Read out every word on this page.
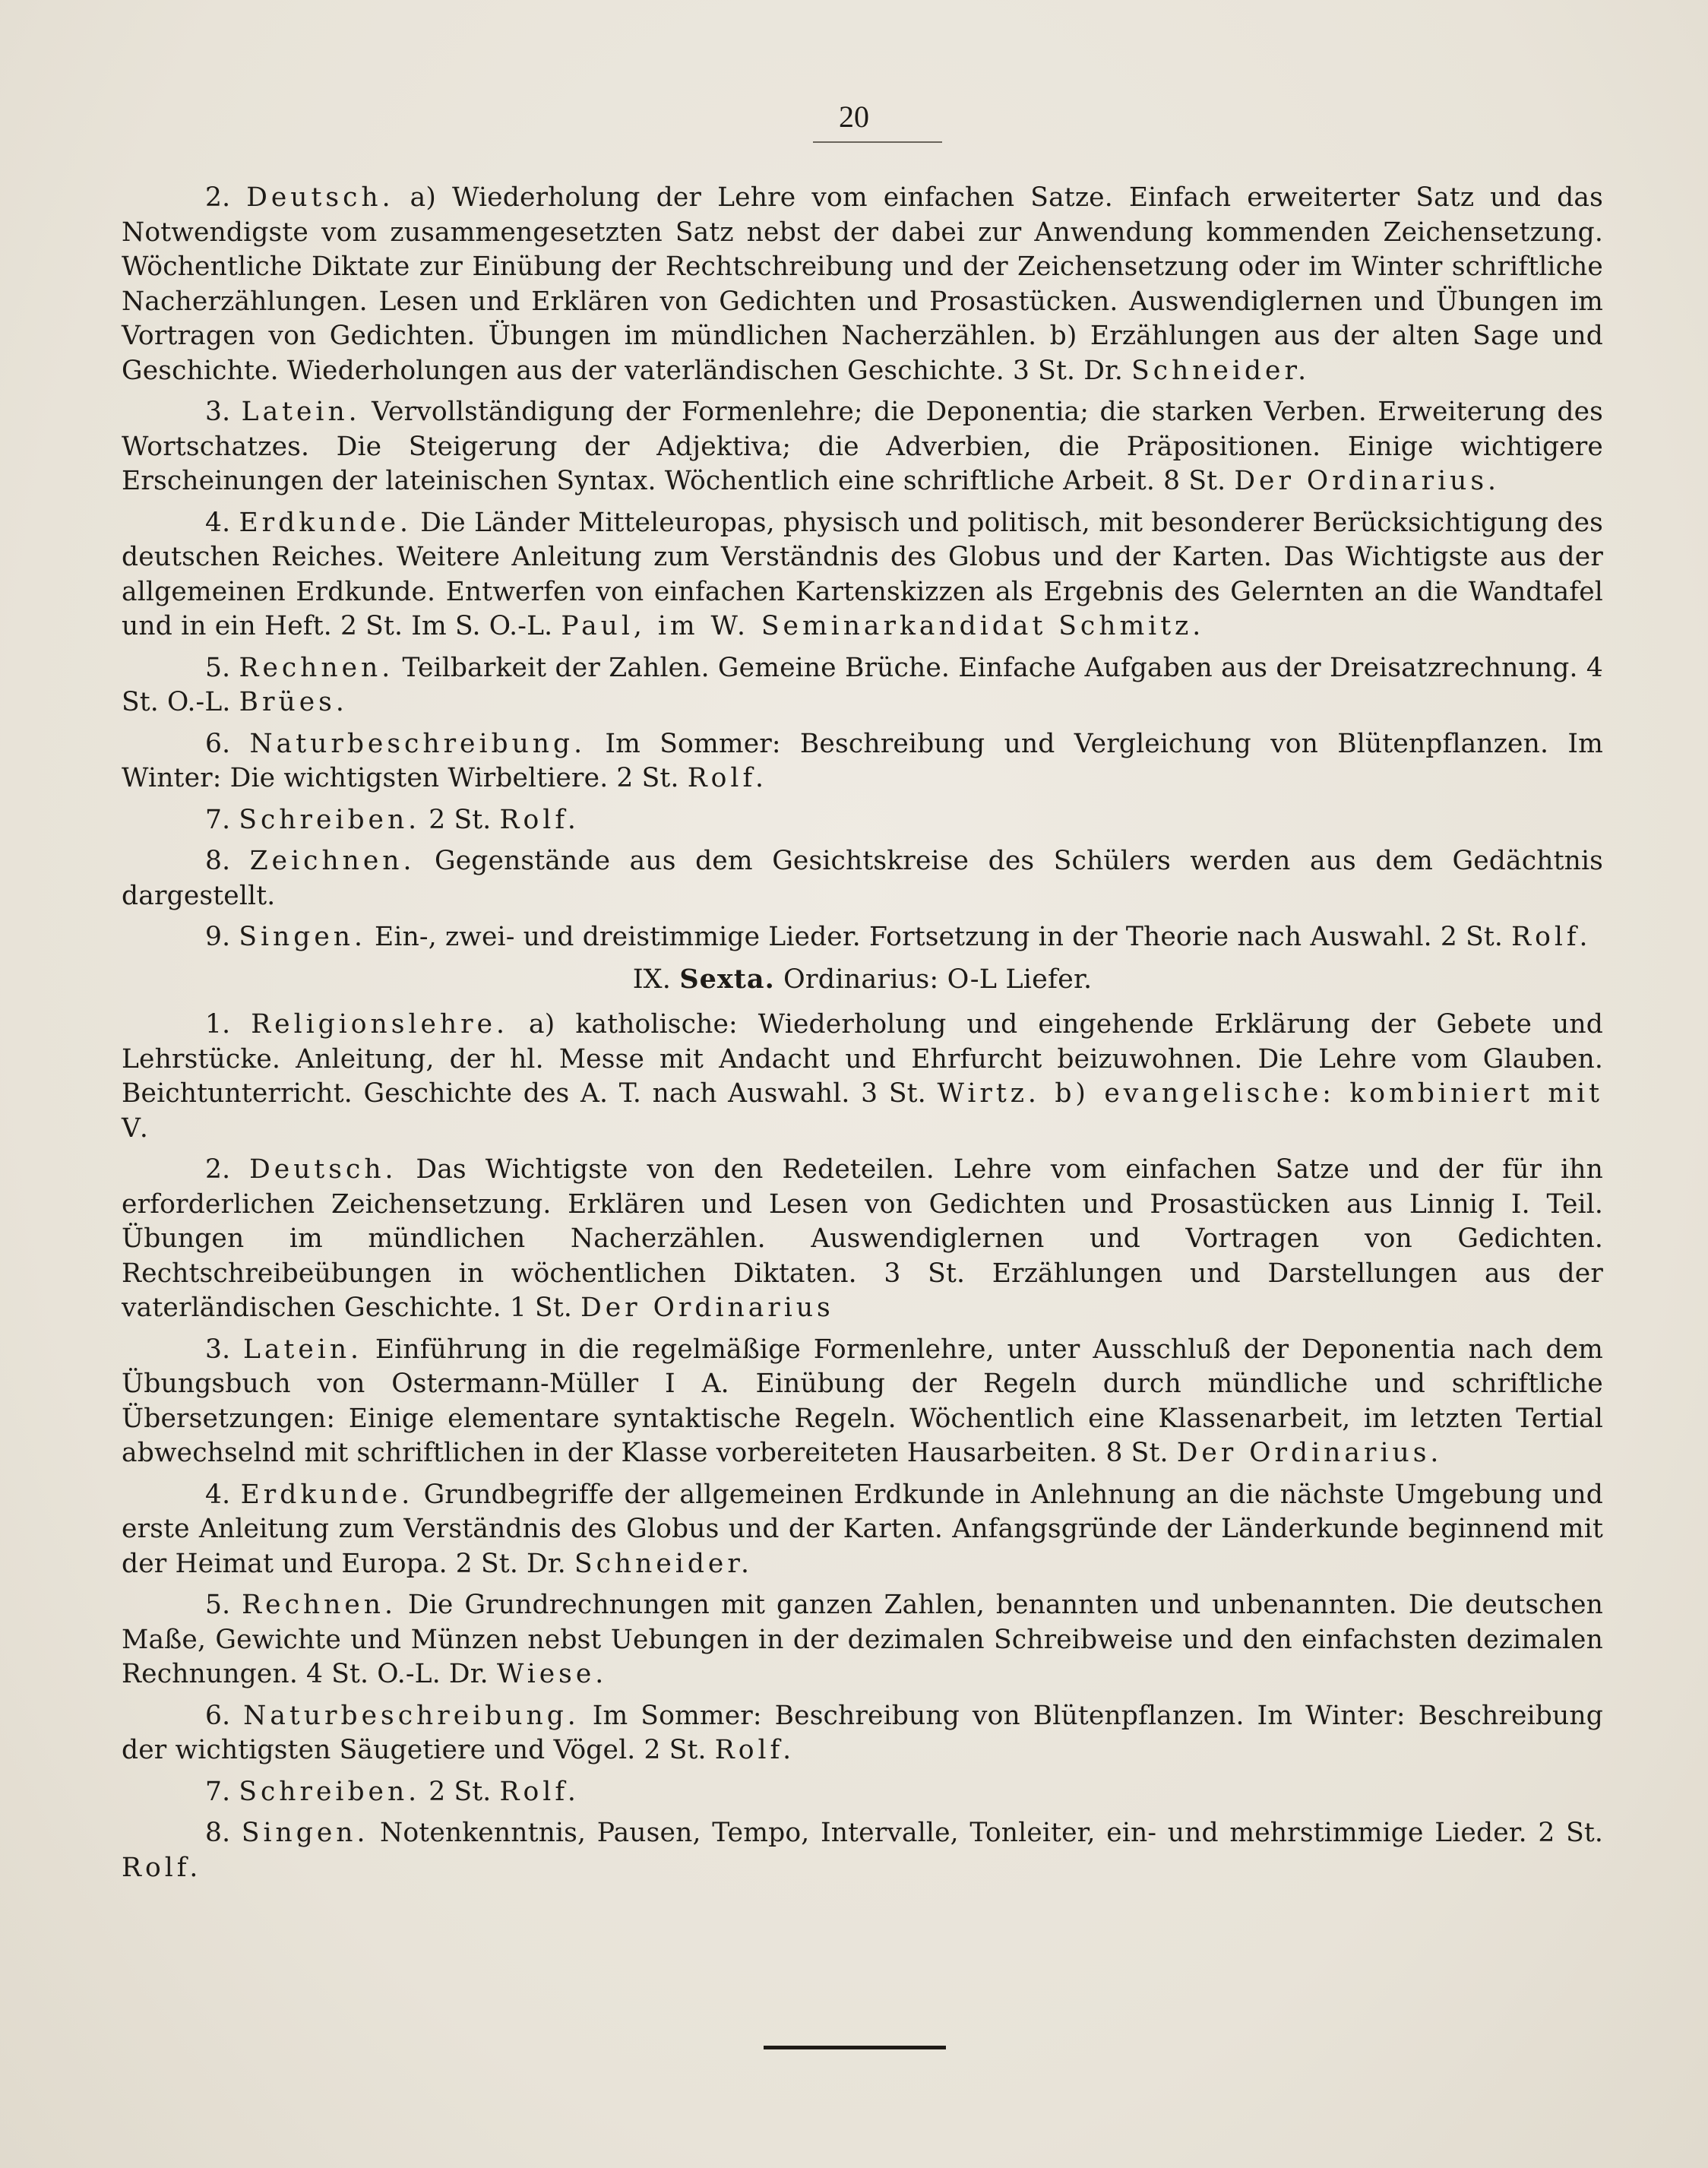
20

2. Deutsch. a) Wiederholung der Lehre vom einfachen Satze. Einfach erweiterter Satz und das Notwendigste vom zusammengesetzten Satz nebst der dabei zur Anwendung kommenden Zeichensetzung. Wöchentliche Diktate zur Einübung der Rechtschreibung und der Zeichensetzung oder im Winter schriftliche Nacherzählungen. Lesen und Erklären von Gedichten und Prosastücken. Auswendiglernen und Übungen im Vortragen von Gedichten. Übungen im mündlichen Nacherzählen. b) Erzählungen aus der alten Sage und Geschichte. Wiederholungen aus der vaterländischen Geschichte. 3 St. Dr. Schneider.

3. Latein. Vervollständigung der Formenlehre; die Deponentia; die starken Verben. Erweiterung des Wortschatzes. Die Steigerung der Adjektiva; die Adverbien, die Präpositionen. Einige wichtigere Erscheinungen der lateinischen Syntax. Wöchentlich eine schriftliche Arbeit. 8 St. Der Ordinarius.

4. Erdkunde. Die Länder Mitteleuropas, physisch und politisch, mit besonderer Berücksichtigung des deutschen Reiches. Weitere Anleitung zum Verständnis des Globus und der Karten. Das Wichtigste aus der allgemeinen Erdkunde. Entwerfen von einfachen Kartenskizzen als Ergebnis des Gelernten an die Wandtafel und in ein Heft. 2 St. Im S. O.-L. Paul, im W. Seminarkandidat Schmitz.

5. Rechnen. Teilbarkeit der Zahlen. Gemeine Brüche. Einfache Aufgaben aus der Dreisatzrechnung. 4 St. O.-L. Brües.

6. Naturbeschreibung. Im Sommer: Beschreibung und Vergleichung von Blütenpflanzen. Im Winter: Die wichtigsten Wirbeltiere. 2 St. Rolf.

7. Schreiben. 2 St. Rolf.

8. Zeichnen. Gegenstände aus dem Gesichtskreise des Schülers werden aus dem Gedächtnis dargestellt.

9. Singen. Ein-, zwei- und dreistimmige Lieder. Fortsetzung in der Theorie nach Auswahl. 2 St. Rolf.

IX. Sexta. Ordinarius: O-L Liefer.

1. Religionslehre. a) katholische: Wiederholung und eingehende Erklärung der Gebete und Lehrstücke. Anleitung, der hl. Messe mit Andacht und Ehrfurcht beizuwohnen. Die Lehre vom Glauben. Beichtunterricht. Geschichte des A. T. nach Auswahl. 3 St. Wirtz. b) evangelische: kombiniert mit V.

2. Deutsch. Das Wichtigste von den Redeteilen. Lehre vom einfachen Satze und der für ihn erforderlichen Zeichensetzung. Erklären und Lesen von Gedichten und Prosastücken aus Linnig I. Teil. Übungen im mündlichen Nacherzählen. Auswendiglernen und Vortragen von Gedichten. Rechtschreibeübungen in wöchentlichen Diktaten. 3 St. Erzählungen und Darstellungen aus der vaterländischen Geschichte. 1 St. Der Ordinarius

3. Latein. Einführung in die regelmäßige Formenlehre, unter Ausschluß der Deponentia nach dem Übungsbuch von Ostermann-Müller I A. Einübung der Regeln durch mündliche und schriftliche Übersetzungen: Einige elementare syntaktische Regeln. Wöchentlich eine Klassenarbeit, im letzten Tertial abwechselnd mit schriftlichen in der Klasse vorbereiteten Hausarbeiten. 8 St. Der Ordinarius.

4. Erdkunde. Grundbegriffe der allgemeinen Erdkunde in Anlehnung an die nächste Umgebung und erste Anleitung zum Verständnis des Globus und der Karten. Anfangsgründe der Länderkunde beginnend mit der Heimat und Europa. 2 St. Dr. Schneider.

5. Rechnen. Die Grundrechnungen mit ganzen Zahlen, benannten und unbenannten. Die deutschen Maße, Gewichte und Münzen nebst Uebungen in der dezimalen Schreibweise und den einfachsten dezimalen Rechnungen. 4 St. O.-L. Dr. Wiese.

6. Naturbeschreibung. Im Sommer: Beschreibung von Blütenpflanzen. Im Winter: Beschreibung der wichtigsten Säugetiere und Vögel. 2 St. Rolf.

7. Schreiben. 2 St. Rolf.

8. Singen. Notenkenntnis, Pausen, Tempo, Intervalle, Tonleiter, ein- und mehrstimmige Lieder. 2 St. Rolf.
